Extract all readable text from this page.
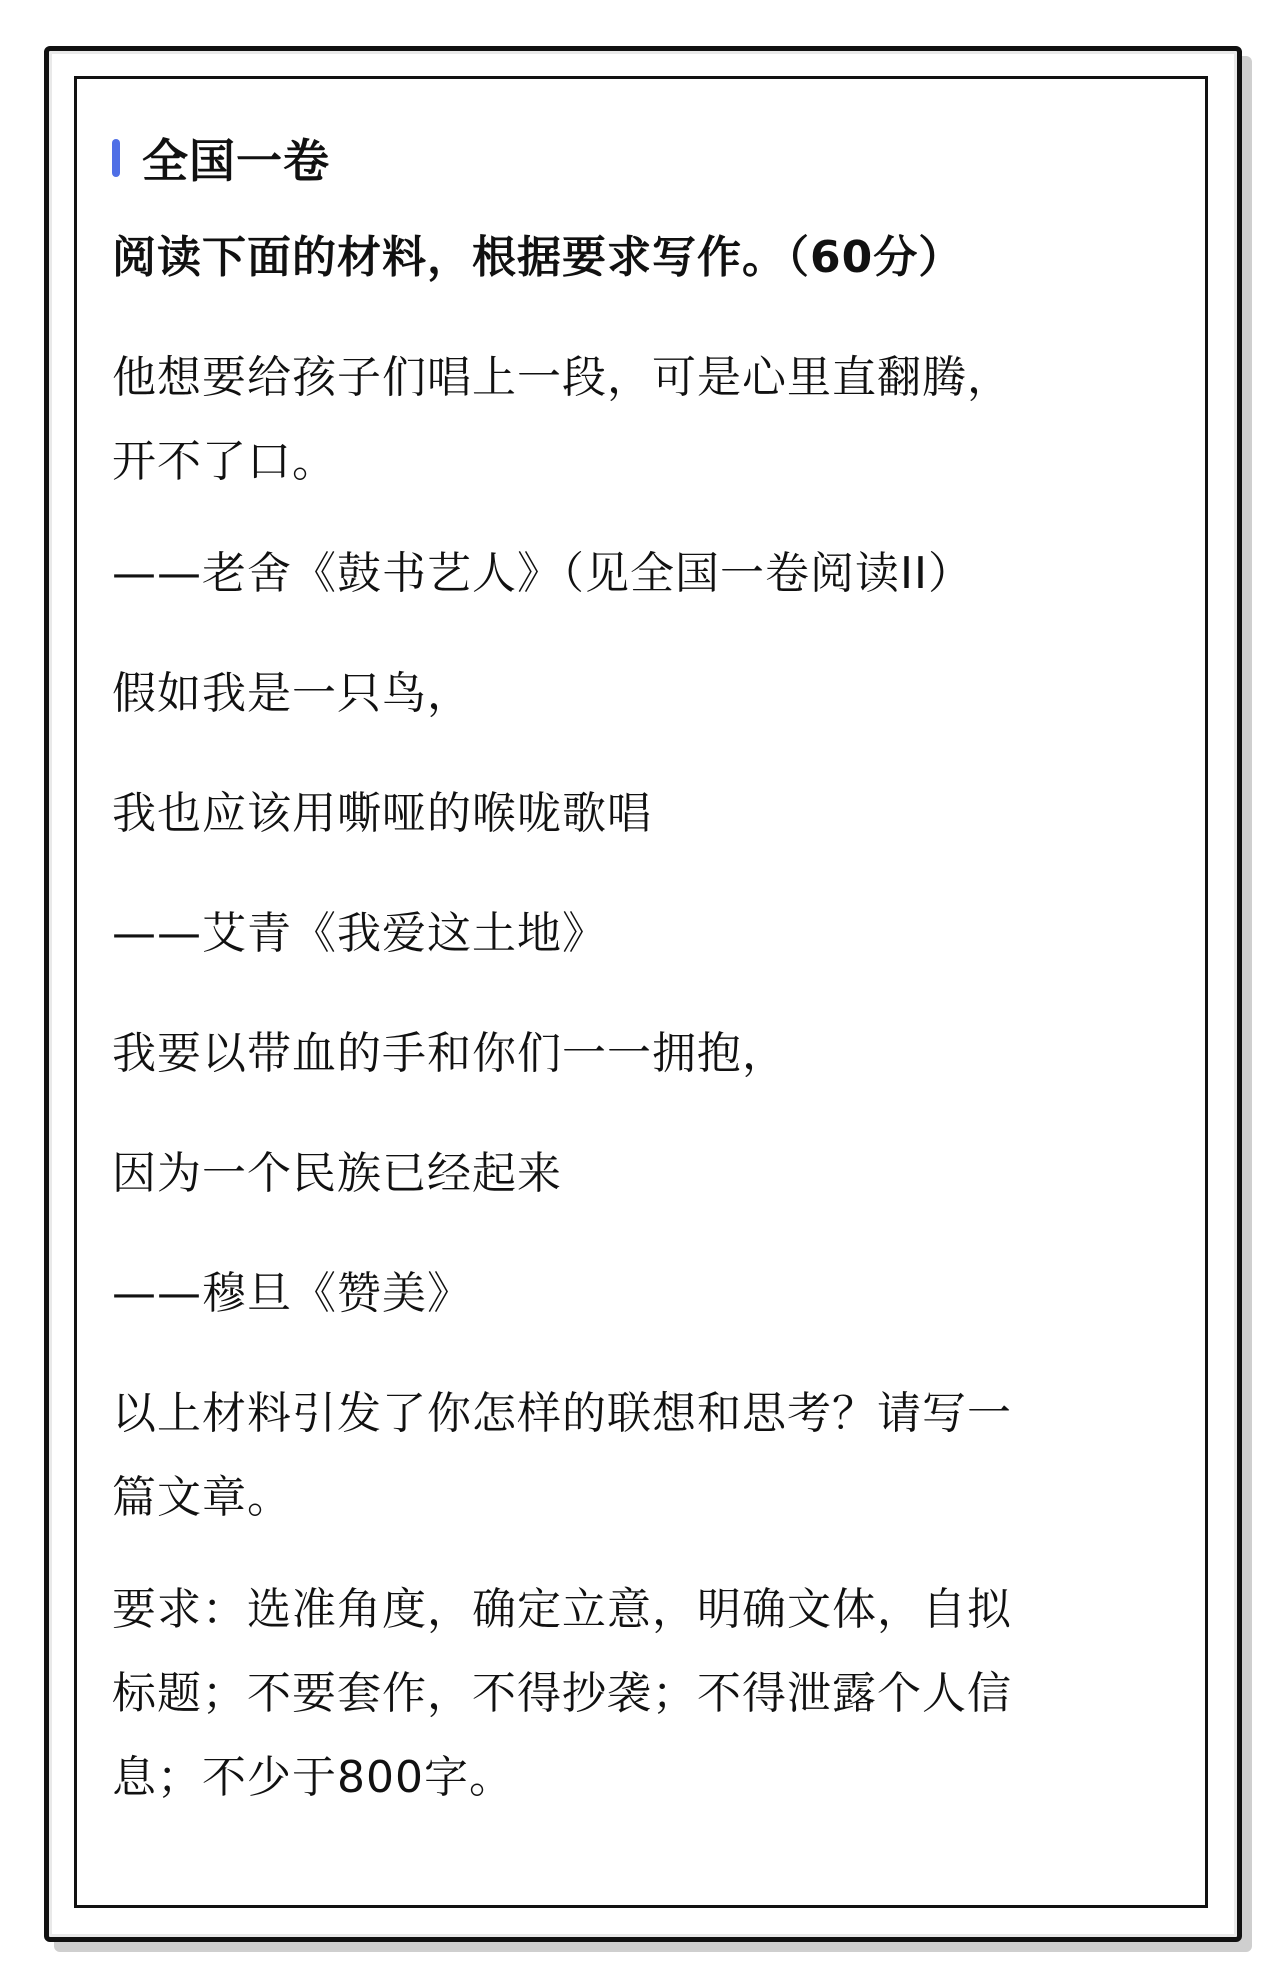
全国一卷
阅读下面的材料，根据要求写作。（60分）
他想要给孩子们唱上一段，可是心里直翻腾，
开不了口。
——老舍《鼓书艺人》（见全国一卷阅读II）
假如我是一只鸟，
我也应该用嘶哑的喉咙歌唱
——艾青《我爱这土地》
我要以带血的手和你们一一拥抱，
因为一个民族已经起来
——穆旦《赞美》
以上材料引发了你怎样的联想和思考？请写一
篇文章。
要求：选准角度，确定立意，明确文体，自拟
标题；不要套作，不得抄袭；不得泄露个人信
息；不少于800字。
